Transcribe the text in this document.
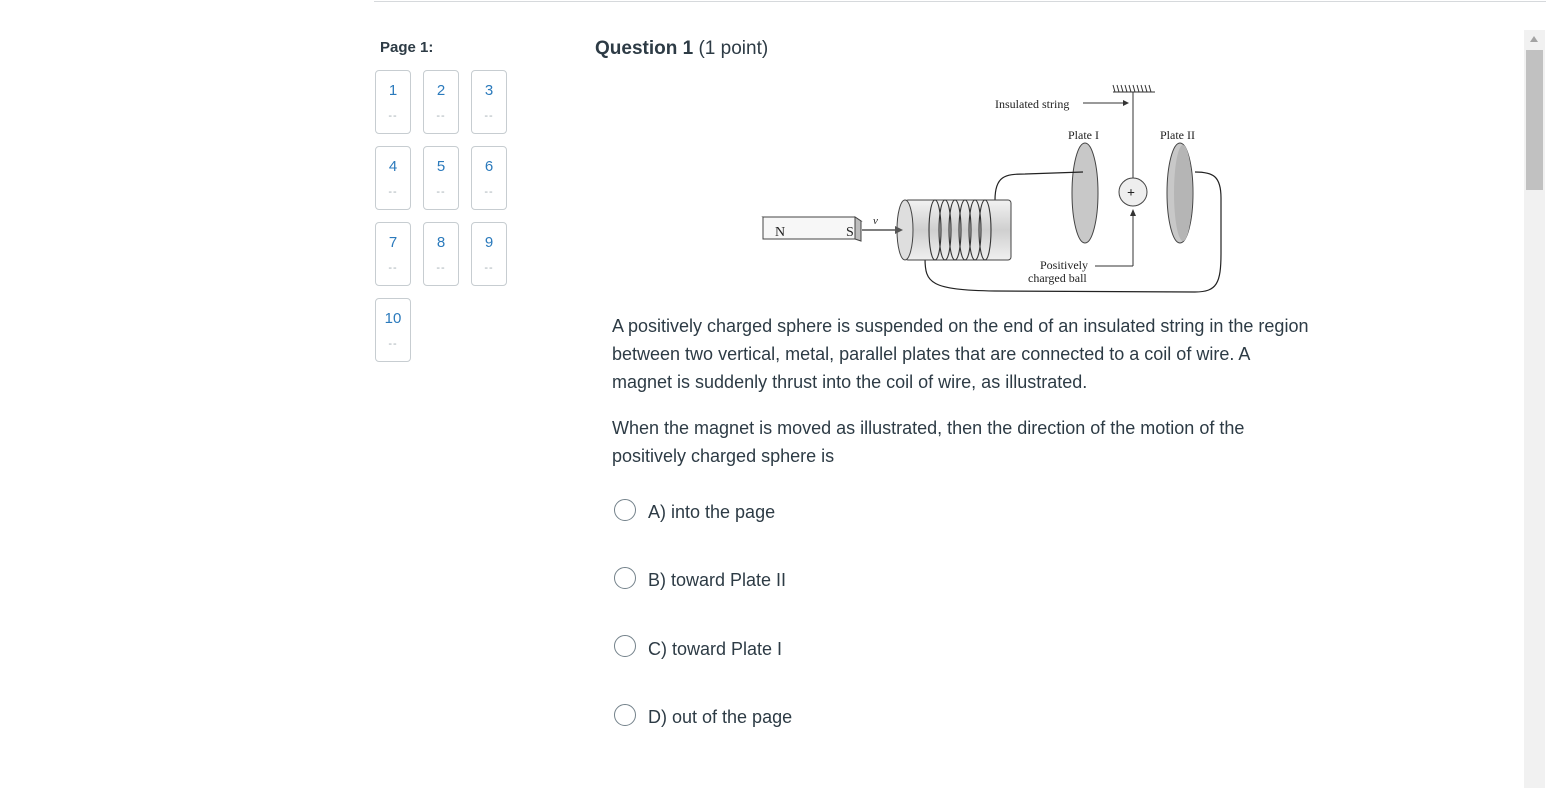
Page 1:
1
--
2
--
3
--
4
--
5
--
6
--
7
--
8
--
9
--
10
--
Question 1 (1 point)
Insulated string
Plate I	Plate II
+
Positively
charged ball
N	S
v
A positively charged sphere is suspended on the end of an insulated string in the region between two vertical, metal, parallel plates that are connected to a coil of wire. A magnet is suddenly thrust into the coil of wire, as illustrated.
When the magnet is moved as illustrated, then the direction of the motion of the positively charged sphere is
A) into the page
B) toward Plate II
C) toward Plate I
D) out of the page
